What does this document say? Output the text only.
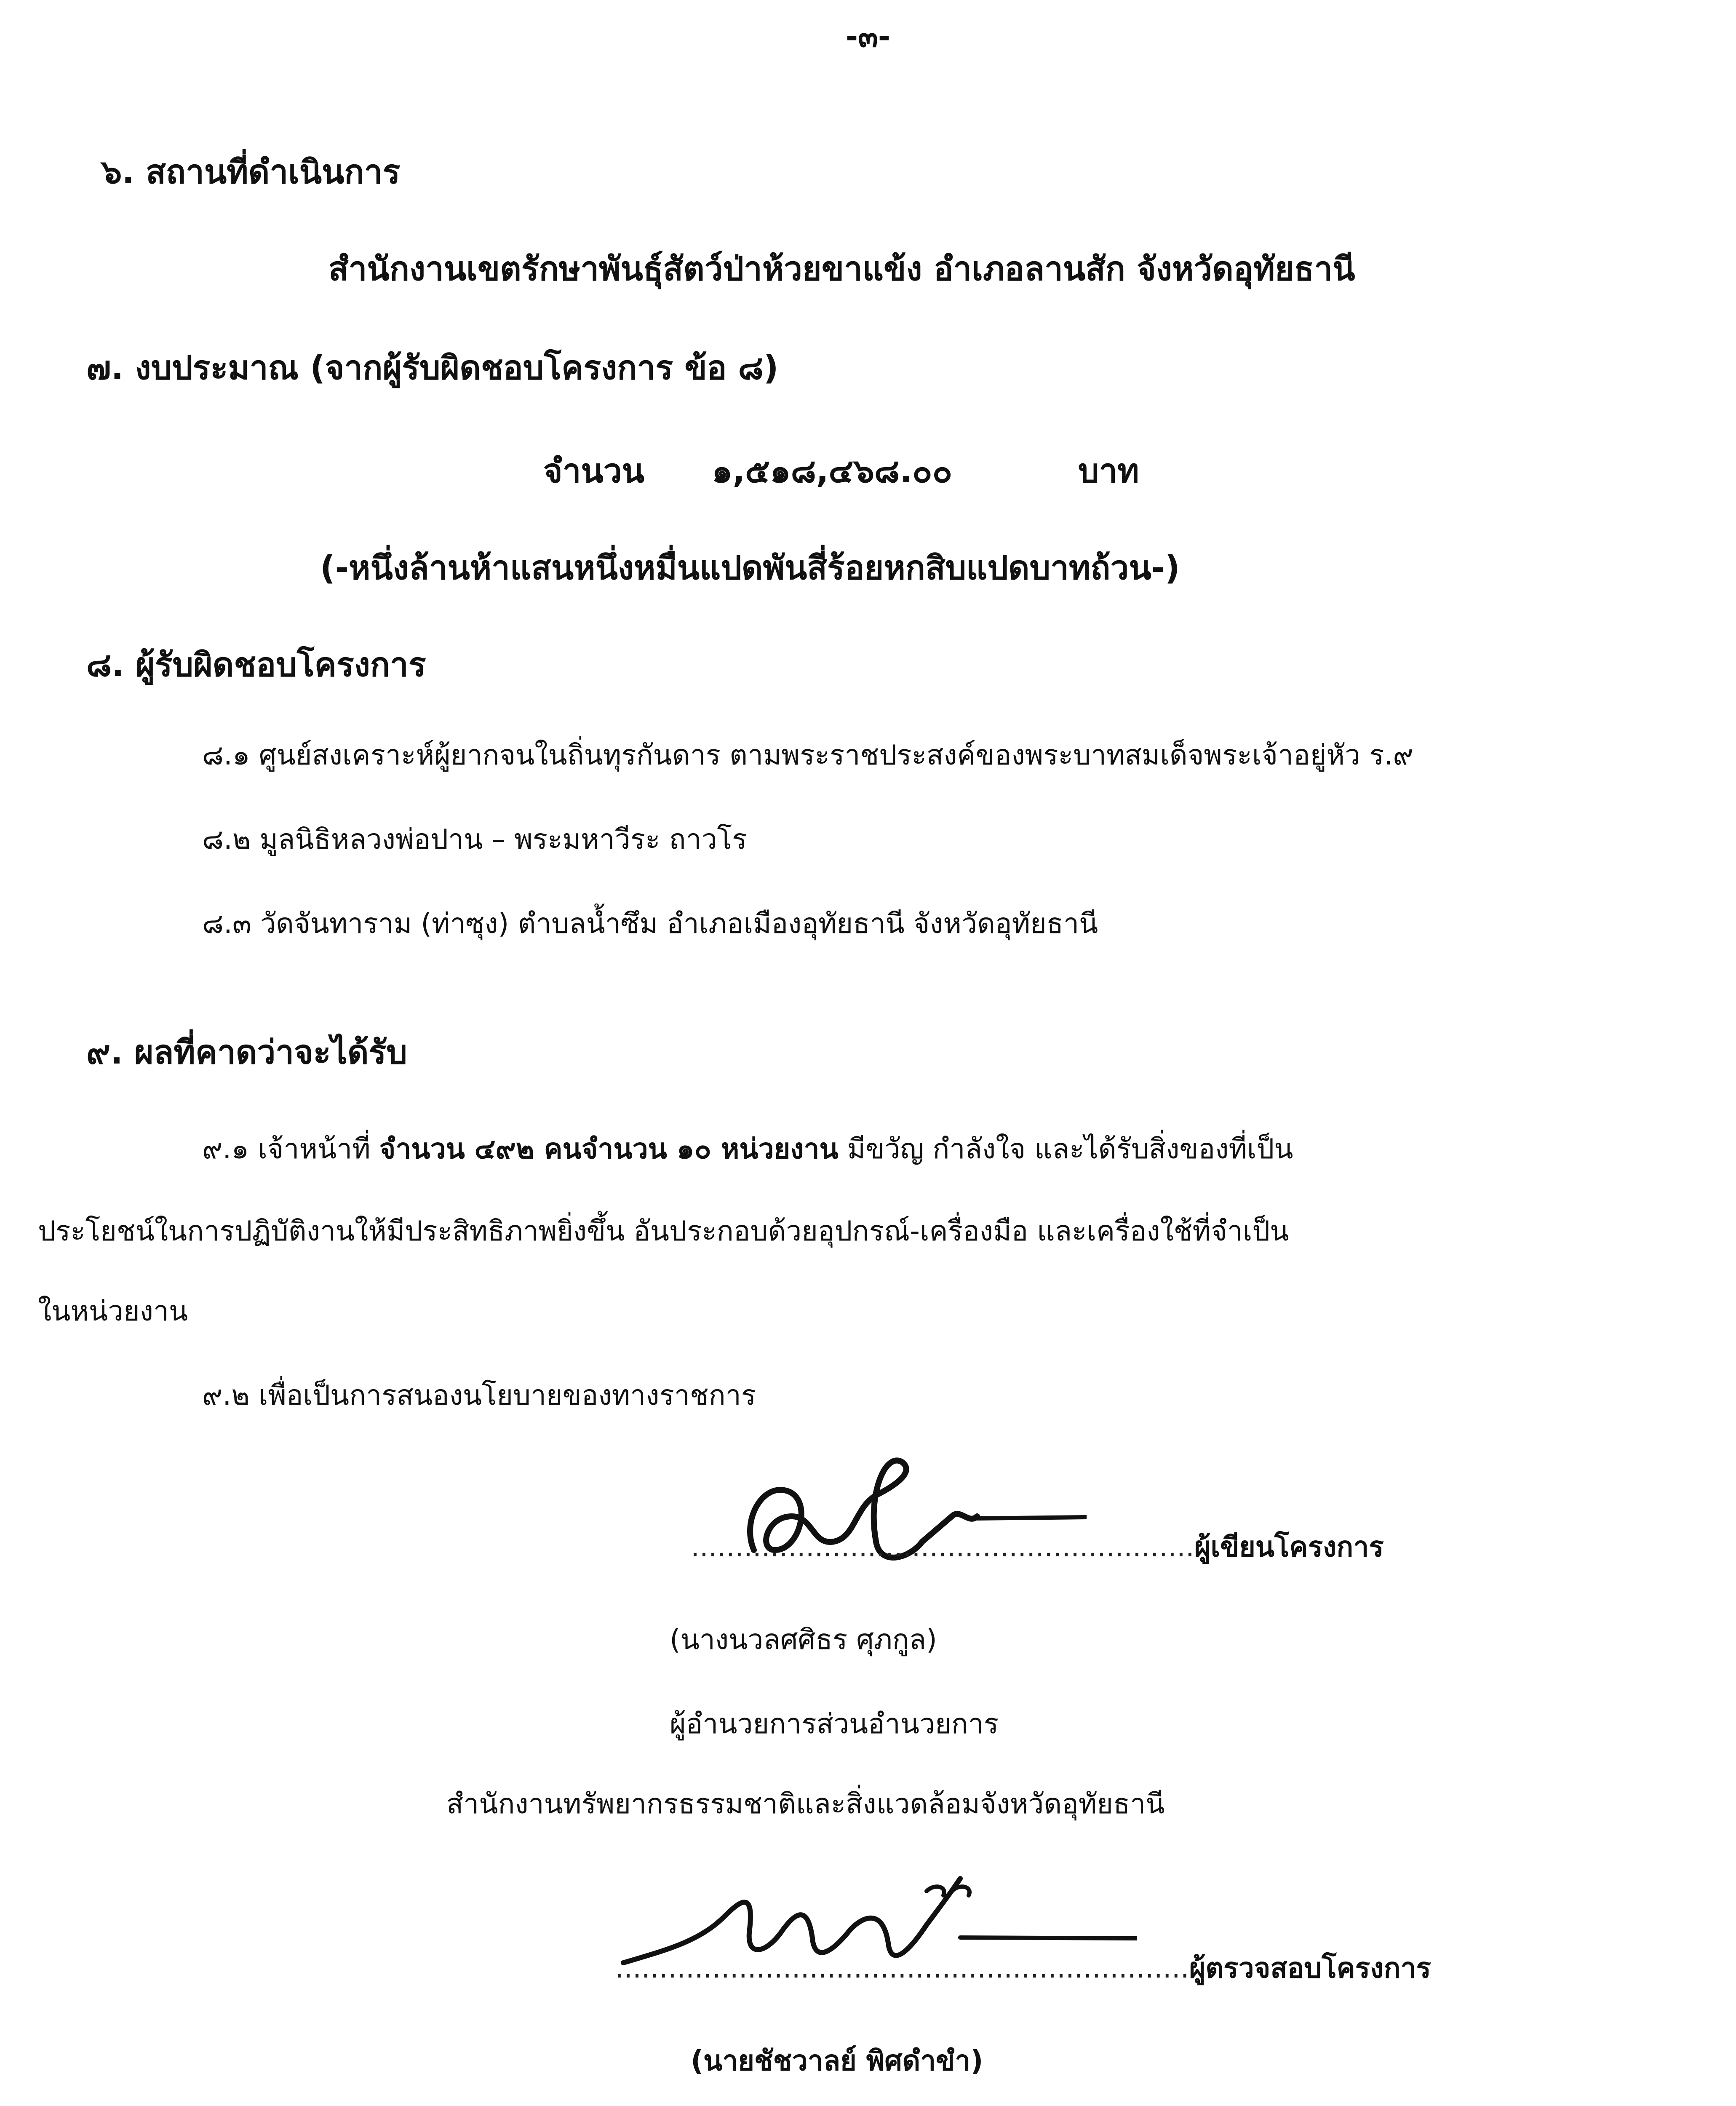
-๓-
๖. สถานที่ดำเนินการ
สำนักงานเขตรักษาพันธุ์สัตว์ป่าห้วยขาแข้ง อำเภอลานสัก จังหวัดอุทัยธานี
๗. งบประมาณ (จากผู้รับผิดชอบโครงการ ข้อ ๘)
จำนวน ๑,๕๑๘,๔๖๘.๐๐	บาท
(-หนึ่งล้านห้าแสนหนึ่งหมื่นแปดพันสี่ร้อยหกสิบแปดบาทถ้วน-)
๘. ผู้รับผิดชอบโครงการ
๘.๑ ศูนย์สงเคราะห์ผู้ยากจนในถิ่นทุรกันดาร ตามพระราชประสงค์ของพระบาทสมเด็จพระเจ้าอยู่หัว ร.๙
๘.๒ มูลนิธิหลวงพ่อปาน – พระมหาวีระ ถาวโร
๘.๓ วัดจันทาราม (ท่าซุง) ตำบลน้ำซึม อำเภอเมืองอุทัยธานี จังหวัดอุทัยธานี
๙. ผลที่คาดว่าจะได้รับ
๙.๑ เจ้าหน้าที่ จำนวน ๔๙๒ คนจำนวน ๑๐ หน่วยงาน มีขวัญ กำลังใจ และได้รับสิ่งของที่เป็น
ประโยชน์ในการปฏิบัติงานให้มีประสิทธิภาพยิ่งขึ้น อันประกอบด้วยอุปกรณ์-เครื่องมือ และเครื่องใช้ที่จำเป็น
ในหน่วยงาน
๙.๒ เพื่อเป็นการสนองนโยบายของทางราชการ
.........................................................ผู้เขียนโครงการ
(นางนวลศศิธร ศุภกูล)
ผู้อำนวยการส่วนอำนวยการ
สำนักงานทรัพยากรธรรมชาติและสิ่งแวดล้อมจังหวัดอุทัยธานี
.................................................................ผู้ตรวจสอบโครงการ
(นายชัชวาลย์ พิศดำขำ)
